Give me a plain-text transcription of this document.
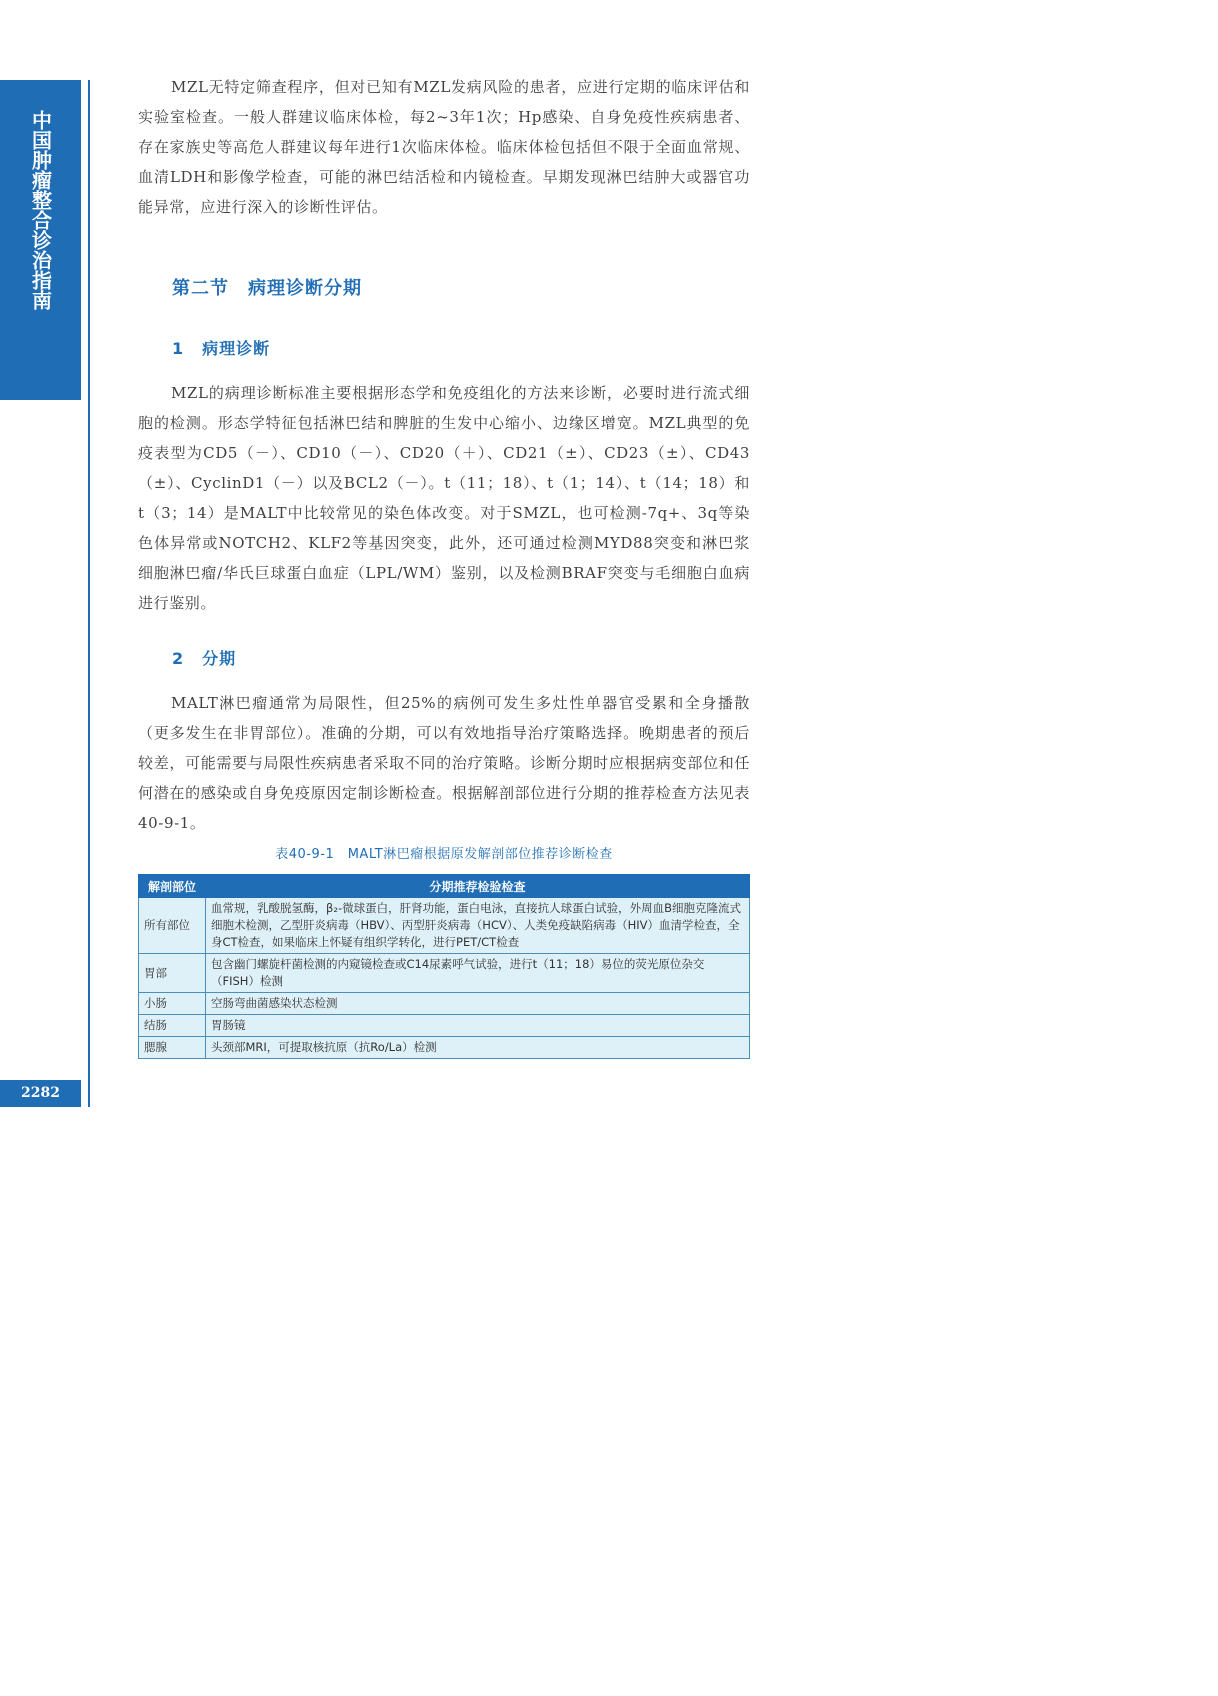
中国肿瘤整合诊治指南
2282

MZL无特定筛查程序，但对已知有MZL发病风险的患者，应进行定期的临床评估和实验室检查。一般人群建议临床体检，每2~3年1次；Hp感染、自身免疫性疾病患者、存在家族史等高危人群建议每年进行1次临床体检。临床体检包括但不限于全面血常规、血清LDH和影像学检查，可能的淋巴结活检和内镜检查。早期发现淋巴结肿大或器官功能异常，应进行深入的诊断性评估。

第二节　病理诊断分期
1 病理诊断

MZL的病理诊断标准主要根据形态学和免疫组化的方法来诊断，必要时进行流式细胞的检测。形态学特征包括淋巴结和脾脏的生发中心缩小、边缘区增宽。MZL典型的免疫表型为CD5（－）、CD10（－）、CD20（＋）、CD21（±）、CD23（±）、CD43（±）、CyclinD1（－）以及BCL2（－）。t（11；18）、t（1；14）、t（14；18）和t（3；14）是MALT中比较常见的染色体改变。对于SMZL，也可检测-7q+、3q等染色体异常或NOTCH2、KLF2等基因突变，此外，还可通过检测MYD88突变和淋巴浆细胞淋巴瘤/华氏巨球蛋白血症（LPL/WM）鉴别，以及检测BRAF突变与毛细胞白血病进行鉴别。

2 分期

MALT淋巴瘤通常为局限性，但25%的病例可发生多灶性单器官受累和全身播散（更多发生在非胃部位）。准确的分期，可以有效地指导治疗策略选择。晚期患者的预后较差，可能需要与局限性疾病患者采取不同的治疗策略。诊断分期时应根据病变部位和任何潜在的感染或自身免疫原因定制诊断检查。根据解剖部位进行分期的推荐检查方法见表40-9-1。

表40-9-1　MALT淋巴瘤根据原发解剖部位推荐诊断检查
解剖部位	分期推荐检验检查
所有部位	血常规，乳酸脱氢酶，β₂-微球蛋白，肝肾功能，蛋白电泳，直接抗人球蛋白试验，外周血B细胞克隆流式细胞术检测，乙型肝炎病毒（HBV）、丙型肝炎病毒（HCV）、人类免疫缺陷病毒（HIV）血清学检查，全身CT检查，如果临床上怀疑有组织学转化，进行PET/CT检查
胃部	包含幽门螺旋杆菌检测的内窥镜检查或C14尿素呼气试验，进行t（11；18）易位的荧光原位杂交（FISH）检测
小肠	空肠弯曲菌感染状态检测
结肠	胃肠镜
腮腺	头颈部MRI，可提取核抗原（抗Ro/La）检测
